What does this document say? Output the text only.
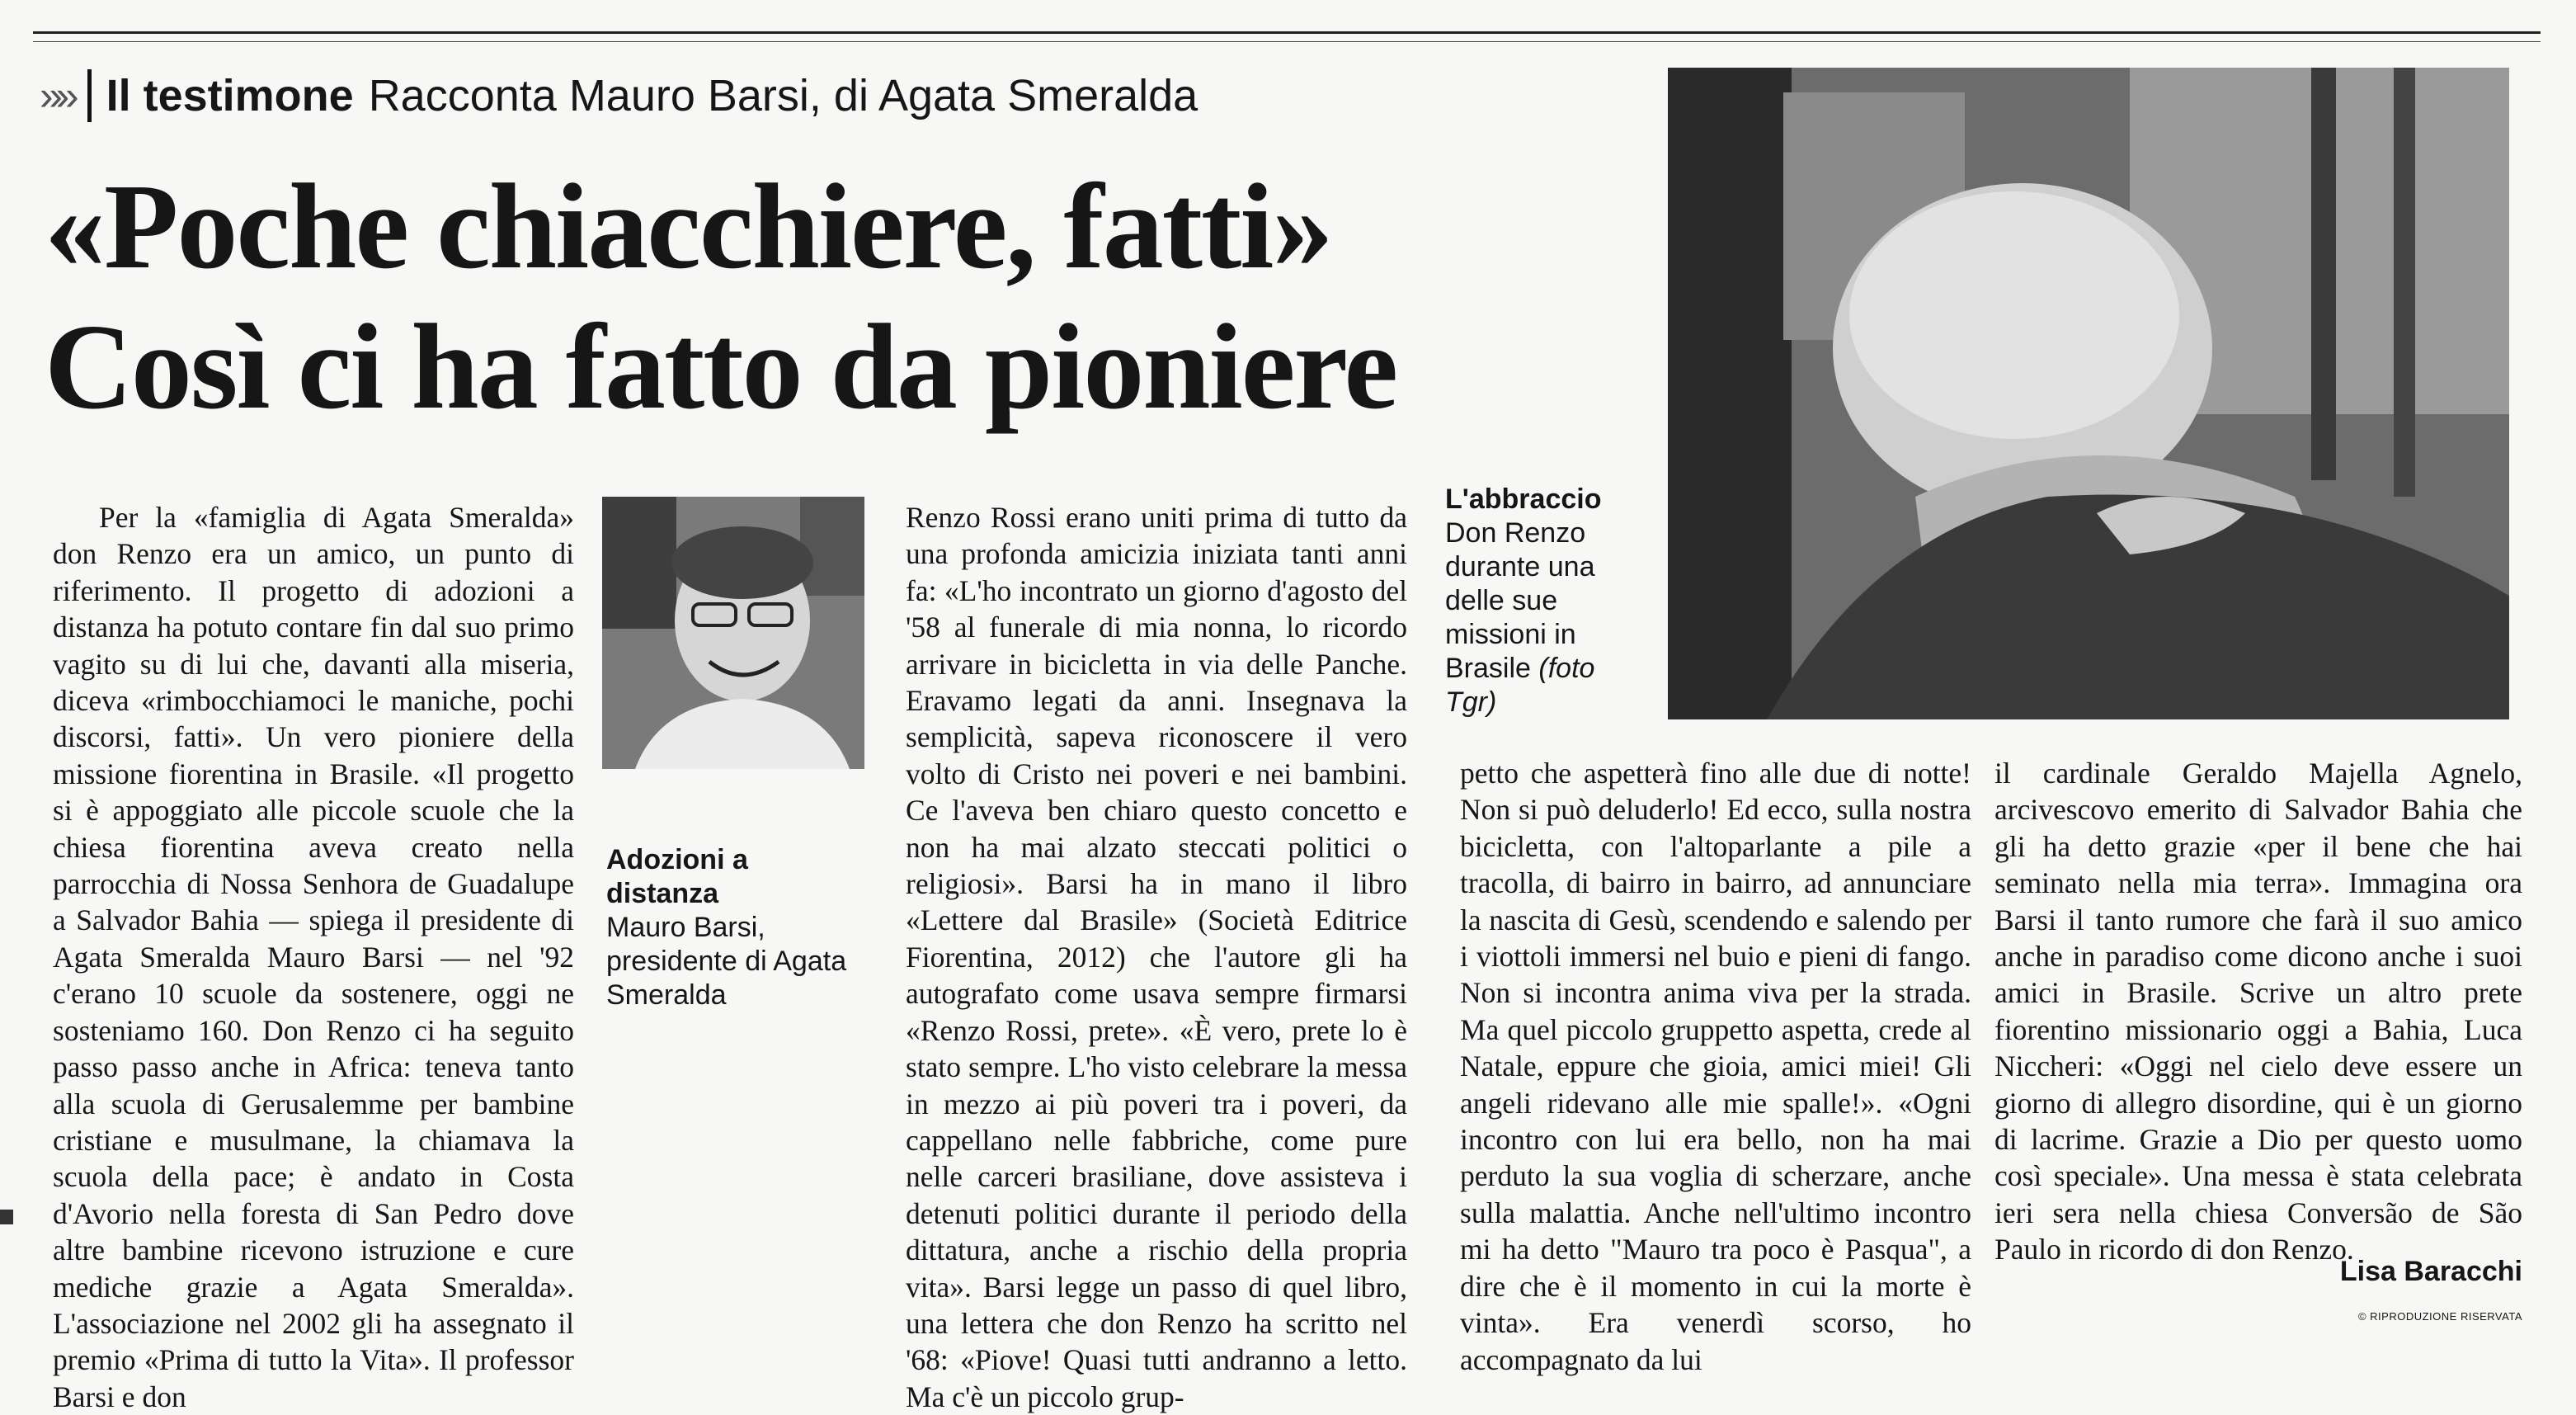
»» Il testimone Racconta Mauro Barsi, di Agata Smeralda
«Poche chiacchiere, fatti»
Così ci ha fatto da pioniere

Per la «famiglia di Agata Smeralda» don Renzo era un amico, un punto di riferimento. Il progetto di adozioni a distanza ha potuto contare fin dal suo primo vagito su di lui che, davanti alla miseria, diceva «rimbocchiamoci le maniche, pochi discorsi, fatti». Un vero pioniere della missione fiorentina in Brasile. «Il progetto si è appoggiato alle piccole scuole che la chiesa fiorentina aveva creato nella parrocchia di Nossa Senhora de Guadalupe a Salvador Bahia — spiega il presidente di Agata Smeralda Mauro Barsi — nel '92 c'erano 10 scuole da sostenere, oggi ne sosteniamo 160. Don Renzo ci ha seguito passo passo anche in Africa: teneva tanto alla scuola di Gerusalemme per bambine cristiane e musulmane, la chiamava la scuola della pace; è andato in Costa d'Avorio nella foresta di San Pedro dove altre bambine ricevono istruzione e cure mediche grazie a Agata Smeralda». L'associazione nel 2002 gli ha assegnato il premio «Prima di tutto la Vita». Il professor Barsi e don

Adozioni a distanza
Mauro Barsi, presidente di Agata Smeralda

Renzo Rossi erano uniti prima di tutto da una profonda amicizia iniziata tanti anni fa: «L'ho incontrato un giorno d'agosto del '58 al funerale di mia nonna, lo ricordo arrivare in bicicletta in via delle Panche. Eravamo legati da anni. Insegnava la semplicità, sapeva riconoscere il vero volto di Cristo nei poveri e nei bambini. Ce l'aveva ben chiaro questo concetto e non ha mai alzato steccati politici o religiosi». Barsi ha in mano il libro «Lettere dal Brasile» (Società Editrice Fiorentina, 2012) che l'autore gli ha autografato come usava sempre firmarsi «Renzo Rossi, prete». «È vero, prete lo è stato sempre. L'ho visto celebrare la messa in mezzo ai più poveri tra i poveri, da cappellano nelle fabbriche, come pure nelle carceri brasiliane, dove assisteva i detenuti politici durante il periodo della dittatura, anche a rischio della propria vita». Barsi legge un passo di quel libro, una lettera che don Renzo ha scritto nel '68: «Piove! Quasi tutti andranno a letto. Ma c'è un piccolo grup-

L'abbraccio
Don Renzo durante una delle sue missioni in Brasile (foto Tgr)

petto che aspetterà fino alle due di notte! Non si può deluderlo! Ed ecco, sulla nostra bicicletta, con l'altoparlante a pile a tracolla, di bairro in bairro, ad annunciare la nascita di Gesù, scendendo e salendo per i viottoli immersi nel buio e pieni di fango. Non si incontra anima viva per la strada. Ma quel piccolo gruppetto aspetta, crede al Natale, eppure che gioia, amici miei! Gli angeli ridevano alle mie spalle!». «Ogni incontro con lui era bello, non ha mai perduto la sua voglia di scherzare, anche sulla malattia. Anche nell'ultimo incontro mi ha detto "Mauro tra poco è Pasqua", a dire che è il momento in cui la morte è vinta». Era venerdì scorso, ho accompagnato da lui

il cardinale Geraldo Majella Agnelo, arcivescovo emerito di Salvador Bahia che gli ha detto grazie «per il bene che hai seminato nella mia terra». Immagina ora Barsi il tanto rumore che farà il suo amico anche in paradiso come dicono anche i suoi amici in Brasile. Scrive un altro prete fiorentino missionario oggi a Bahia, Luca Niccheri: «Oggi nel cielo deve essere un giorno di allegro disordine, qui è un giorno di lacrime. Grazie a Dio per questo uomo così speciale». Una messa è stata celebrata ieri sera nella chiesa Conversão de São Paulo in ricordo di don Renzo.

Lisa Baracchi
© RIPRODUZIONE RISERVATA
